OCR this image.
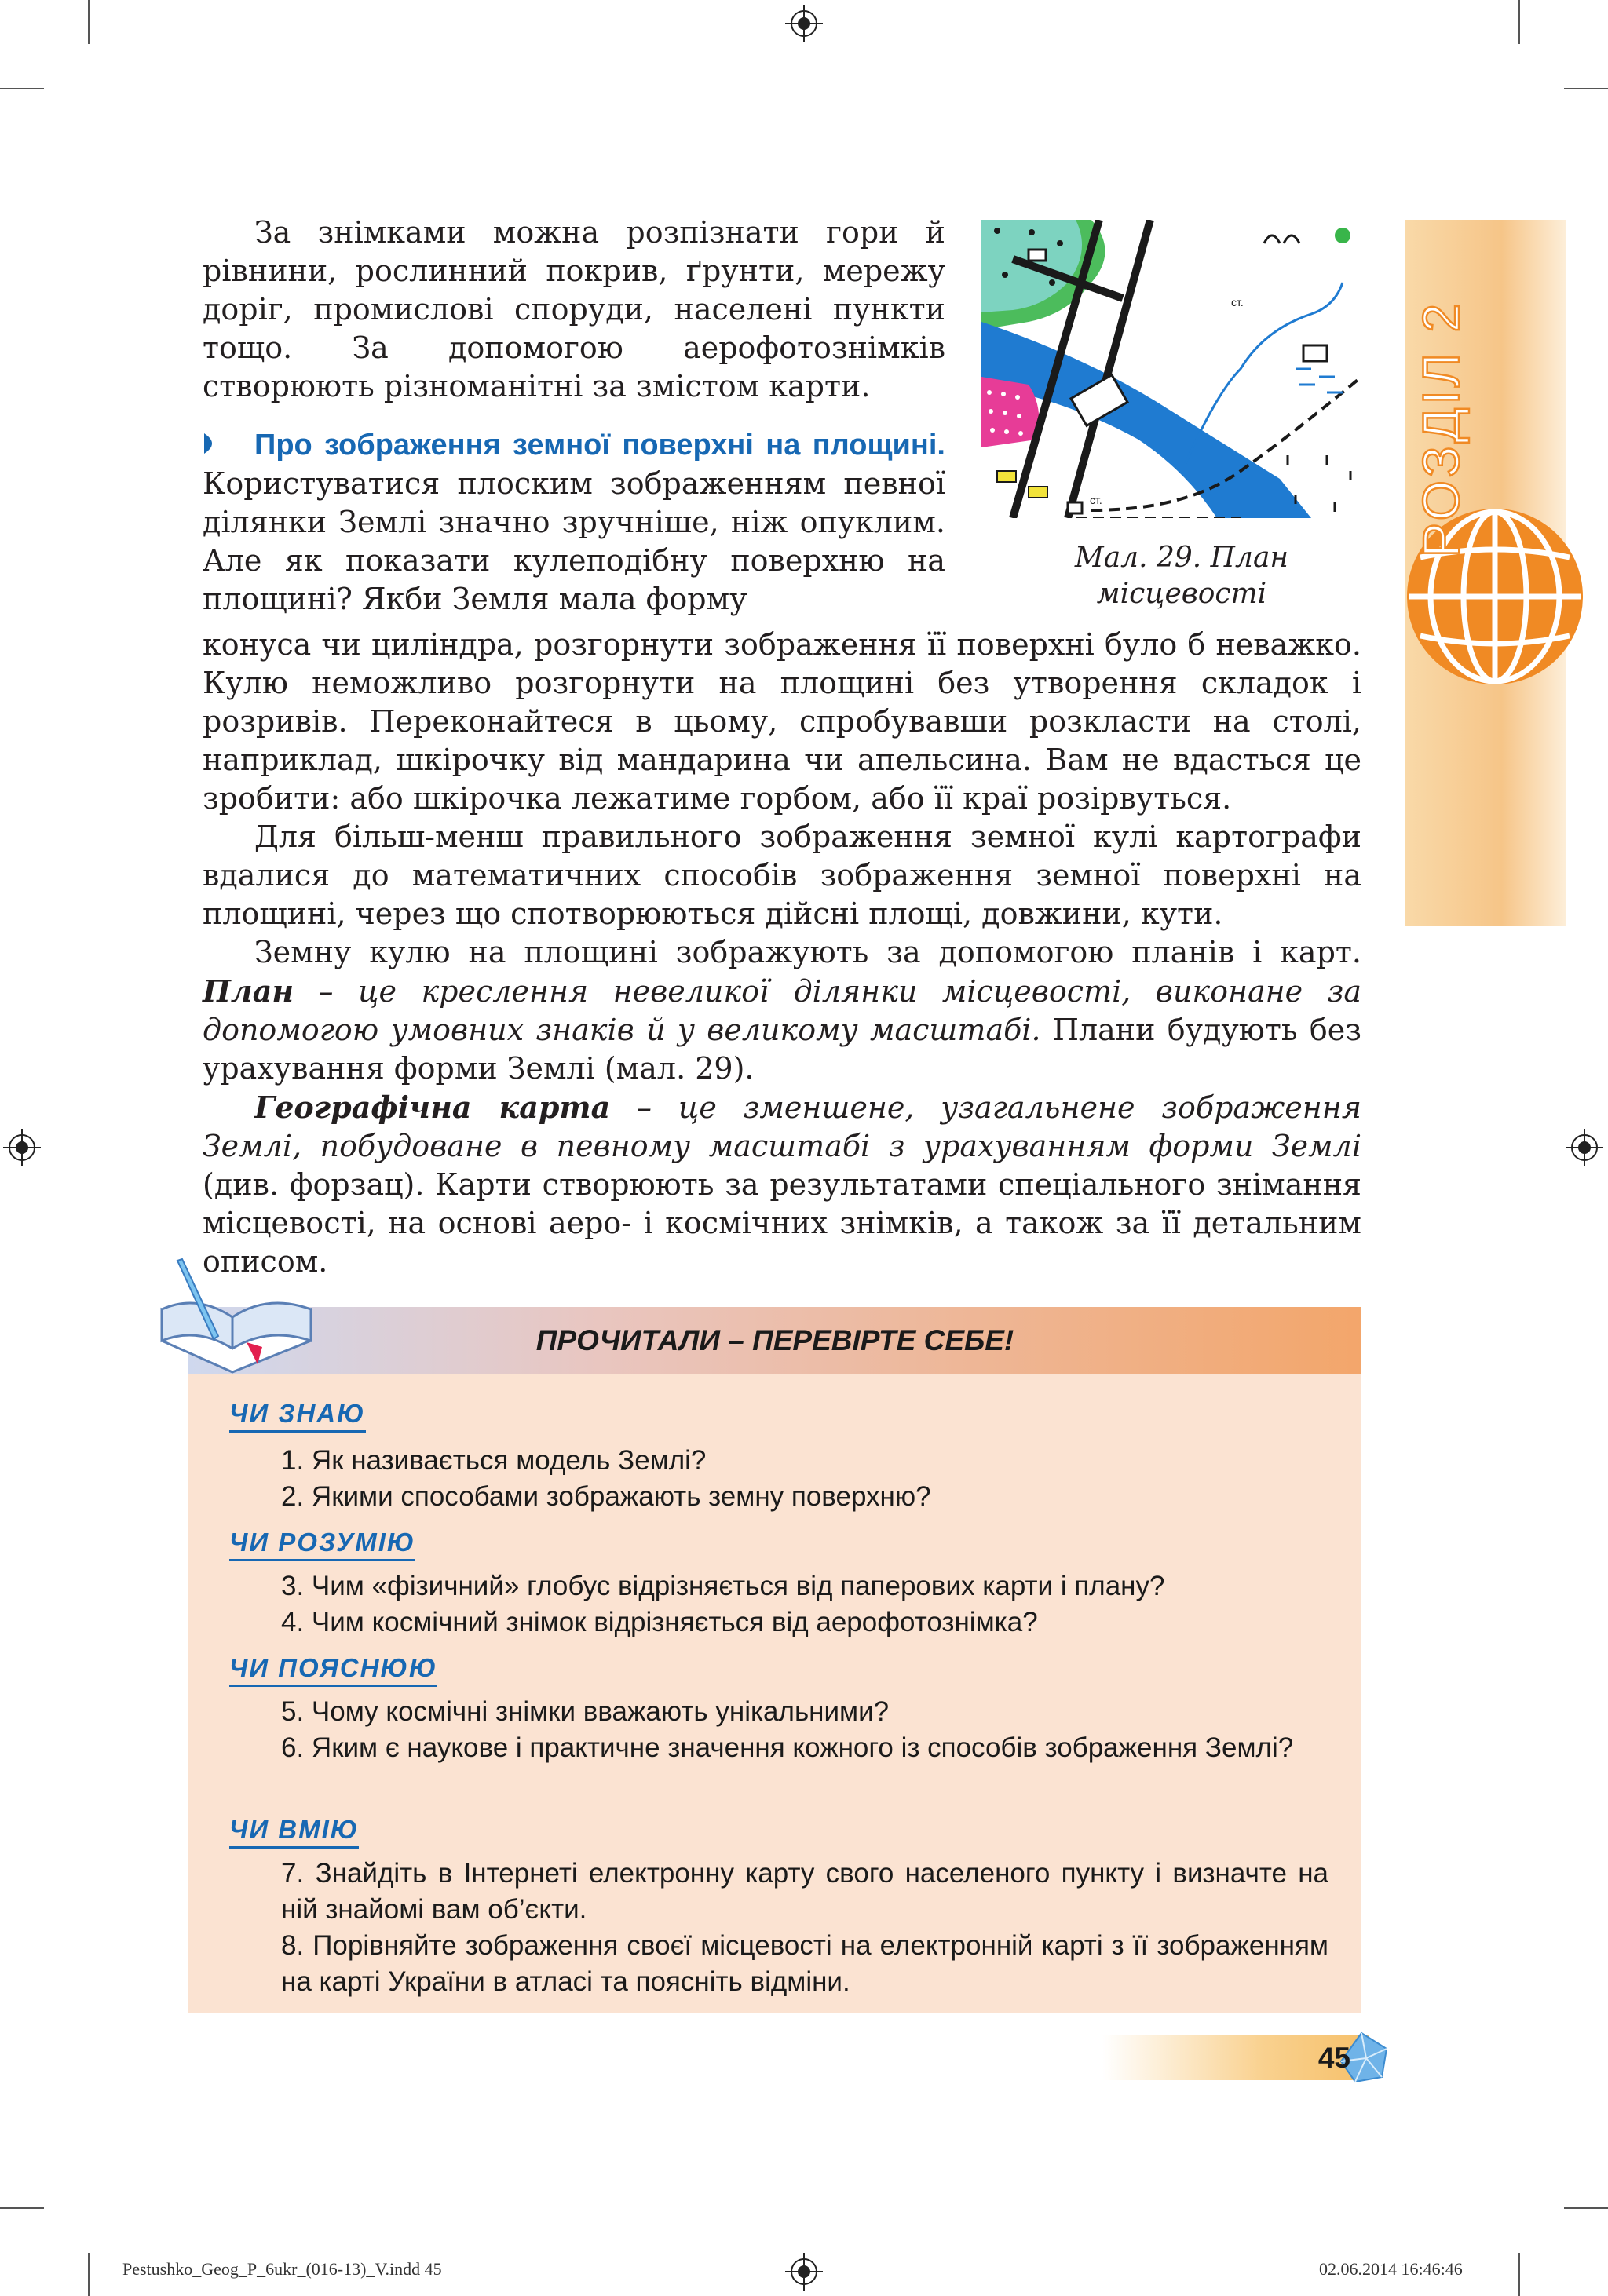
РОЗДІЛ 2

За знімками можна розпізнати гори й рівнини, рослинний покрив, ґрунти, мережу доріг, промислові споруди, населені пункти тощо. За допомогою аерофотознімків створюють різноманітні за змістом карти.

Про зображення земної поверхні на площині. Користуватися плоским зображенням певної ділянки Землі значно зручніше, ніж опуклим. Але як показати кулеподібну поверхню на площині? Якби Земля мала форму

ст.
ст.
Мал. 29. План
місцевості

конуса чи циліндра, розгорнути зображення її поверхні було б неважко. Кулю неможливо розгорнути на площині без утворення складок і розривів. Переконайтеся в цьому, спробувавши розкласти на столі, наприклад, шкірочку від мандарина чи апельсина. Вам не вдасться це зробити: або шкірочка лежатиме горбом, або її краї розірвуться.

Для більш-менш правильного зображення земної кулі картографи вдалися до математичних способів зображення земної поверхні на площині, через що спотворюються дійсні площі, довжини, кути.

Земну кулю на площині зображують за допомогою планів і карт. План – це креслення невеликої ділянки місцевості, виконане за допомогою умовних знаків й у великому масштабі. Плани будують без урахування форми Землі (мал. 29).

Географічна карта – це зменшене, узагальнене зображення Землі, побудоване в певному масштабі з урахуванням форми Землі (див. форзац). Карти створюють за результатами спеціального знімання місцевості, на основі аеро- і космічних знімків, а також за її детальним описом.

ПРОЧИТАЛИ – ПЕРЕВІРТЕ СЕБЕ!
ЧИ ЗНАЮ
1. Як називається модель Землі?
2. Якими способами зображають земну поверхню?
ЧИ РОЗУМІЮ
3. Чим «фізичний» глобус відрізняється від паперових карти і плану?
4. Чим космічний знімок відрізняється від аерофотознімка?
ЧИ ПОЯСНЮЮ
5. Чому космічні знімки вважають унікальними?
6. Яким є наукове і практичне значення кожного із способів зображення Землі?
ЧИ ВМІЮ
7. Знайдіть в Інтернеті електронну карту свого населеного пункту і визначте на ній знайомі вам об’єкти.
8. Порівняйте зображення своєї місцевості на електронній карті з її зображенням на карті України в атласі та поясніть відміни.
45
Pestushko_Geog_P_6ukr_(016-13)_V.indd 45	02.06.2014 16:46:46
